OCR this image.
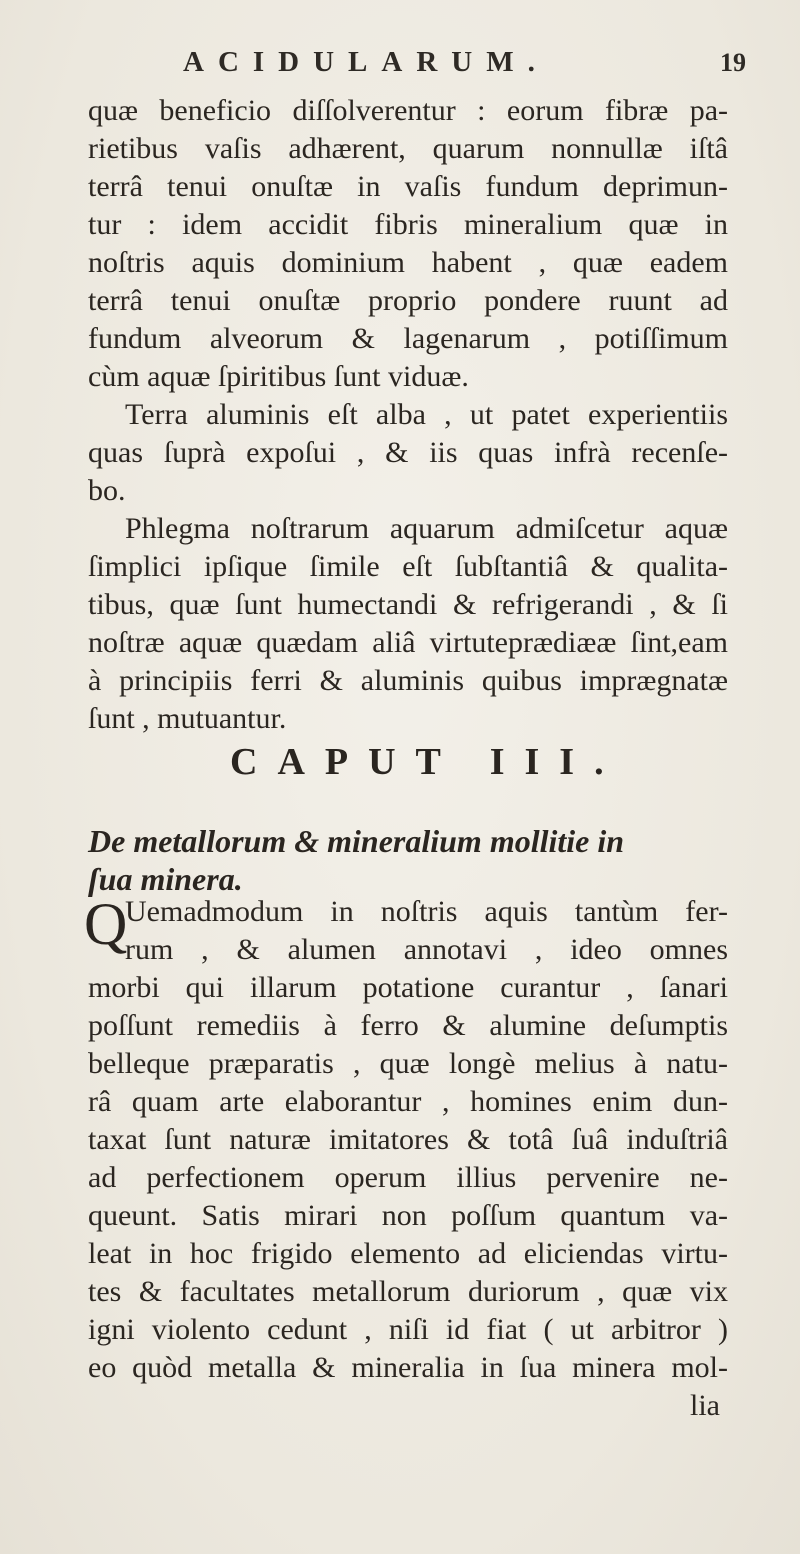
ACIDULARUM.	19
quæ beneficio diſſolverentur : eorum fibræ pa-
rietibus vaſis adhærent, quarum nonnullæ iſtâ
terrâ tenui onuſtæ in vaſis fundum deprimun-
tur : idem accidit fibris mineralium quæ in
noſtris aquis dominium habent , quæ eadem
terrâ tenui onuſtæ proprio pondere ruunt ad
fundum alveorum & lagenarum , potiſſimum
cùm aquæ ſpiritibus ſunt viduæ.
Terra aluminis eſt alba , ut patet experientiis
quas ſuprà expoſui , & iis quas infrà recenſe-
bo.
Phlegma noſtrarum aquarum admiſcetur aquæ
ſimplici ipſique ſimile eſt ſubſtantiâ & qualita-
tibus, quæ ſunt humectandi & refrigerandi , & ſi
noſtræ aquæ quædam aliâ virtuteprædiææ ſint,eam
à principiis ferri & aluminis quibus imprægnatæ
ſunt , mutuantur.
CAPUT III.
De metallorum & mineralium mollitie in
ſua minera.
Q
Uemadmodum in noſtris aquis tantùm fer-
rum , & alumen annotavi , ideo omnes
morbi qui illarum potatione curantur , ſanari
poſſunt remediis à ferro & alumine deſumptis
belleque præparatis , quæ longè melius à natu-
râ quam arte elaborantur , homines enim dun-
taxat ſunt naturæ imitatores & totâ ſuâ induſtriâ
ad perfectionem operum illius pervenire ne-
queunt. Satis mirari non poſſum quantum va-
leat in hoc frigido elemento ad eliciendas virtu-
tes & facultates metallorum duriorum , quæ vix
igni violento cedunt , niſi id fiat ( ut arbitror )
eo quòd metalla & mineralia in ſua minera mol-
lia
